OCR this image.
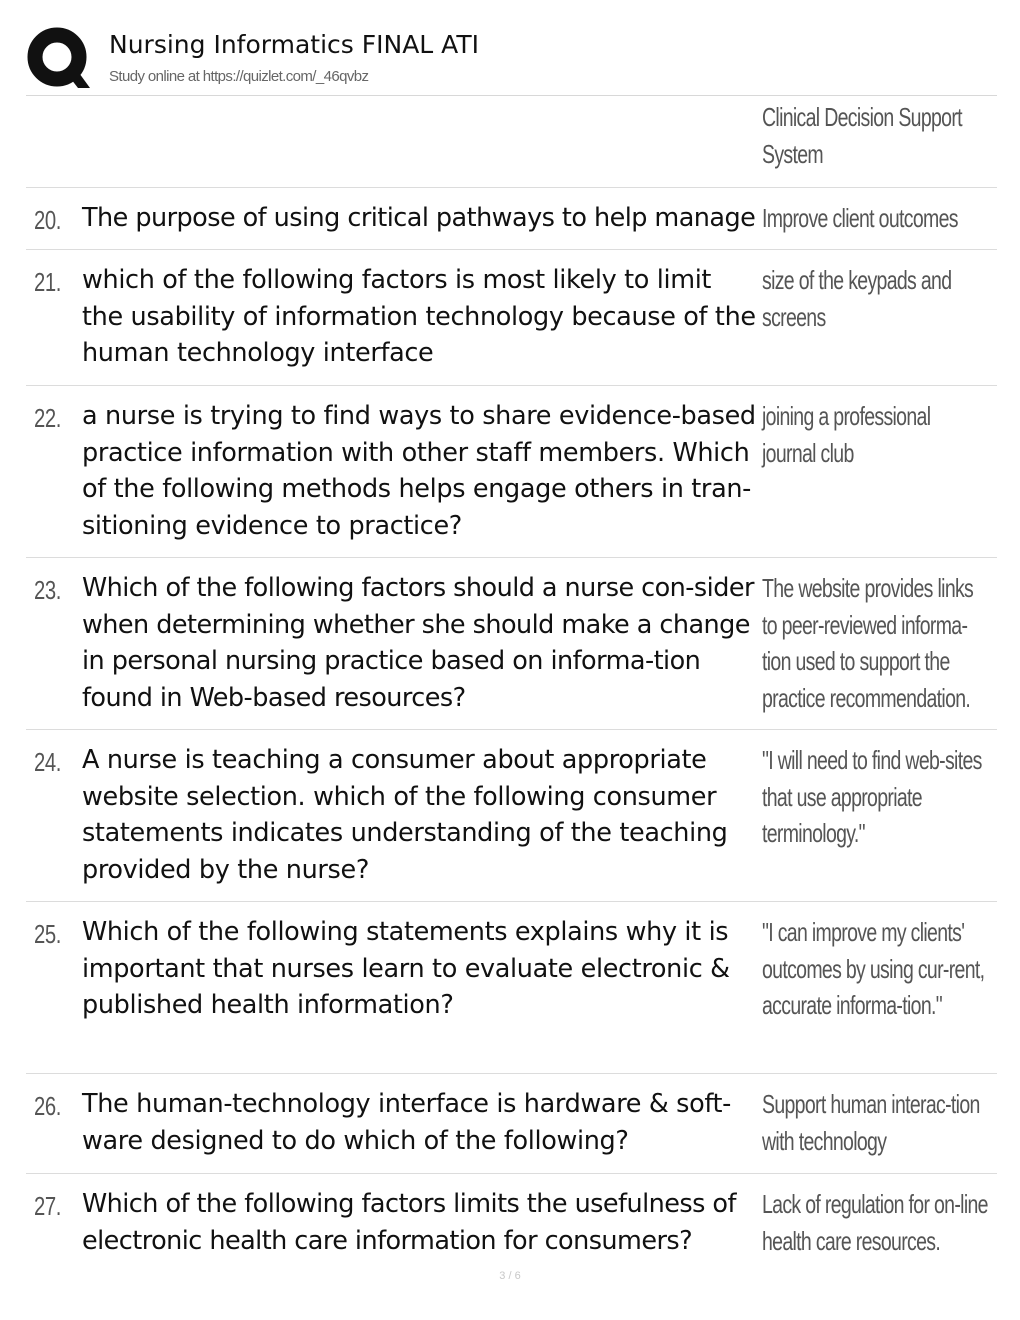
Nursing Informatics FINAL ATI
Study online at https://quizlet.com/_46qvbz
Clinical Decision Support System
20. The purpose of using critical pathways to help manage Improve client outcomes
21. which of the following factors is most likely to limit the usability of information technology because of the human technology interface
size of the keypads and screens
22. a nurse is trying to find ways to share evidence-based practice information with other staff members. Which of the following methods helps engage others in tran-sitioning evidence to practice?
joining a professional journal club
23. Which of the following factors should a nurse con-sider when determining whether she should make a change in personal nursing practice based on informa-tion found in Web-based resources?
The website provides links to peer-reviewed informa-tion used to support the practice recommendation.
24. A nurse is teaching a consumer about appropriate website selection. which of the following consumer statements indicates understanding of the teaching provided by the nurse?
"I will need to find web-sites that use appropriate terminology."
25. Which of the following statements explains why it is important that nurses learn to evaluate electronic & published health information?
"I can improve my clients' outcomes by using cur-rent, accurate informa-tion."
26. The human-technology interface is hardware & soft-ware designed to do which of the following?
Support human interac-tion with technology
27. Which of the following factors limits the usefulness of electronic health care information for consumers?
Lack of regulation for on-line health care resources.
3 / 6
